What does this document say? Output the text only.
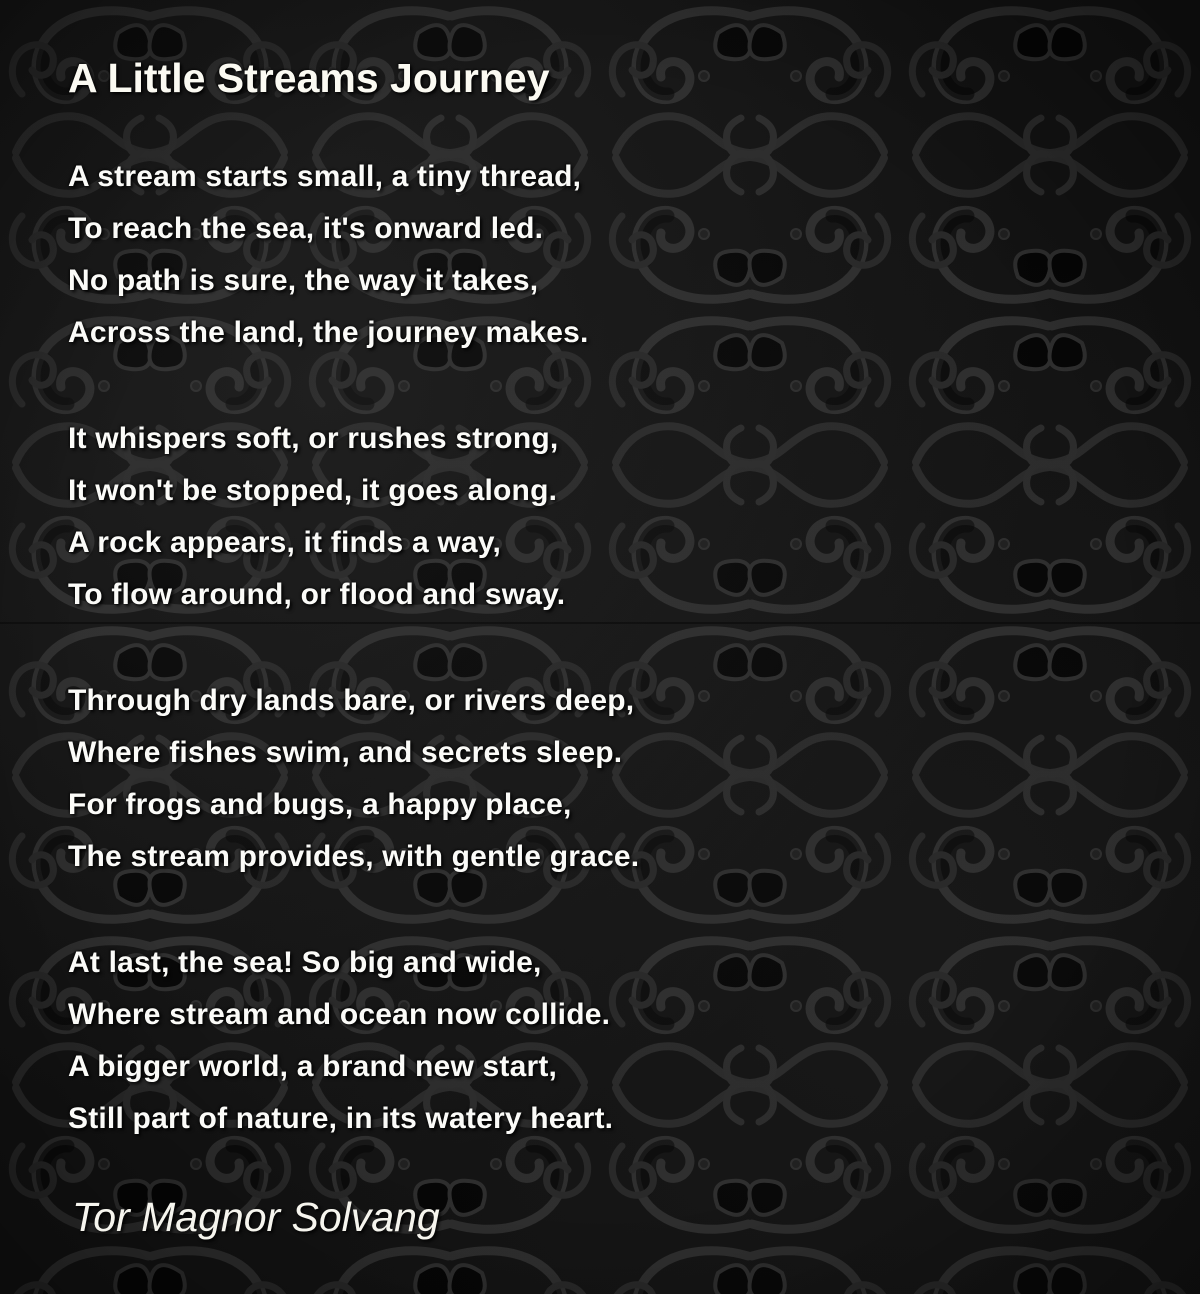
A Little Streams Journey

A stream starts small, a tiny thread,

To reach the sea, it's onward led.

No path is sure, the way it takes,

Across the land, the journey makes.

It whispers soft, or rushes strong,

It won't be stopped, it goes along.

A rock appears, it finds a way,

To flow around, or flood and sway.

Through dry lands bare, or rivers deep,

Where fishes swim, and secrets sleep.

For frogs and bugs, a happy place,

The stream provides, with gentle grace.

At last, the sea! So big and wide,

Where stream and ocean now collide.

A bigger world, a brand new start,

Still part of nature, in its watery heart.

Tor Magnor Solvang
